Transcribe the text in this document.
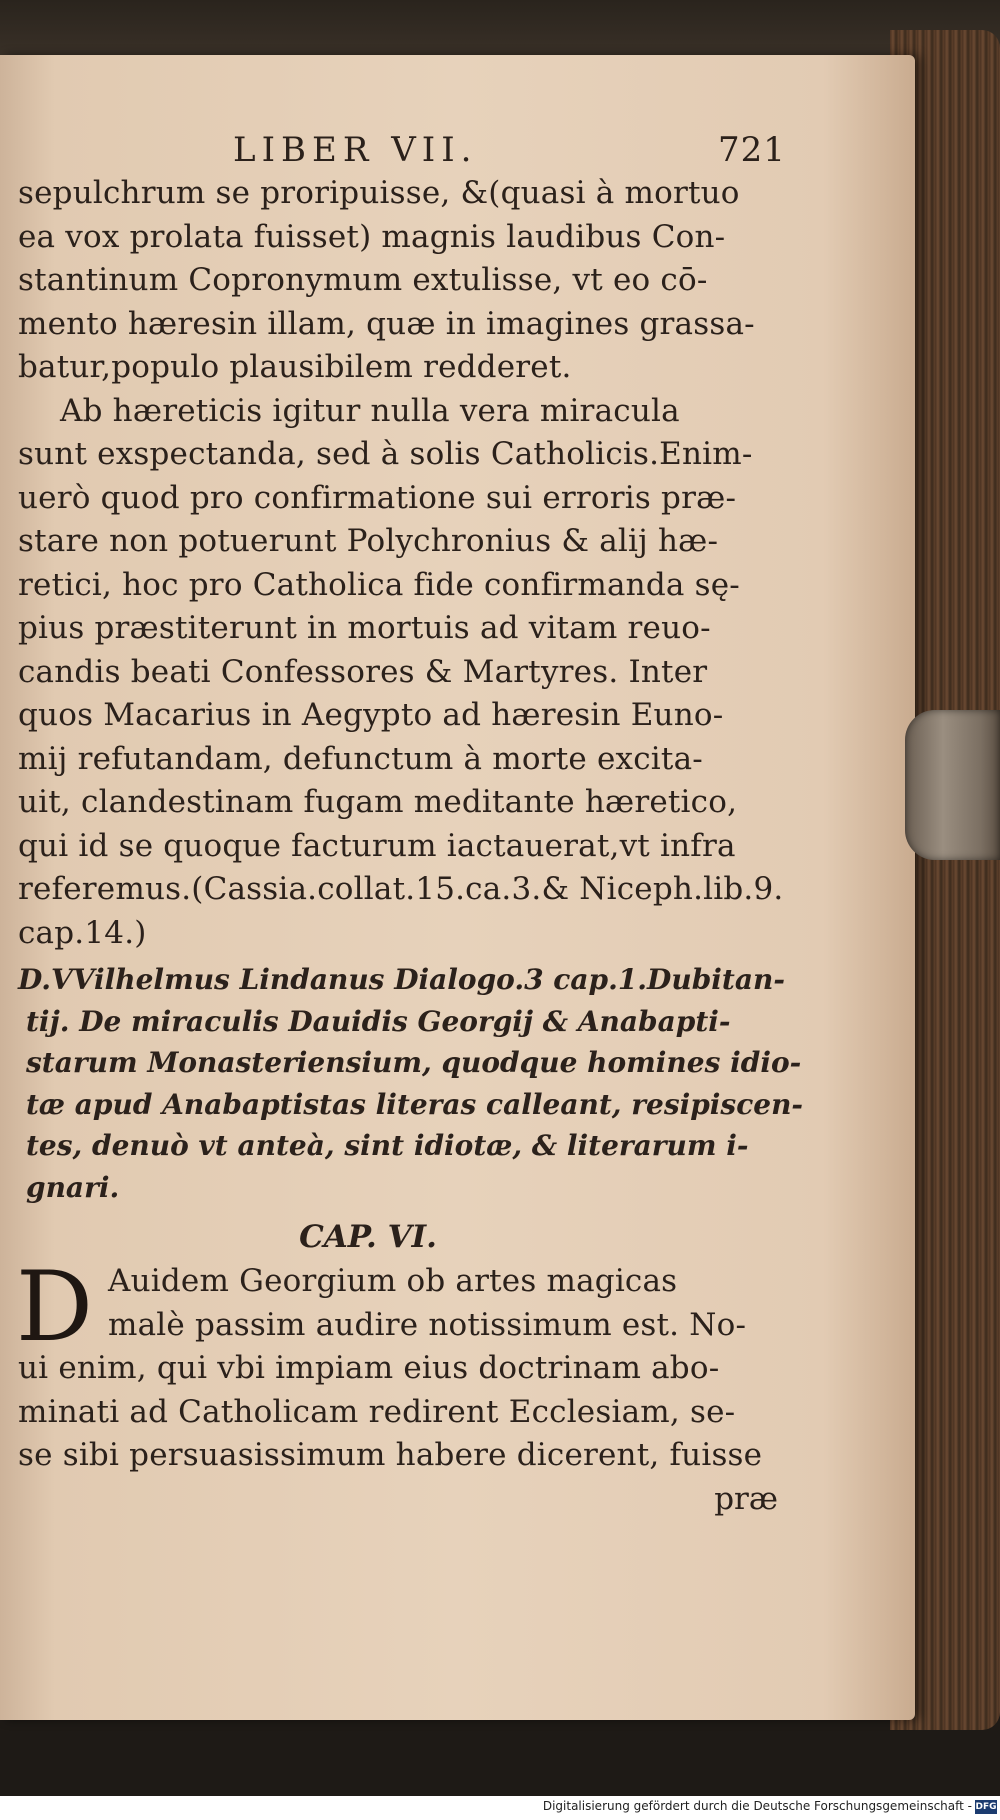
LIBER VII.	721
sepulchrum se proripuisse, &(quasi à mortuo
ea vox prolata fuisset) magnis laudibus Con-
stantinum Copronymum extulisse, vt eo cō-
mento hæresin illam, quæ in imagines grassa-
batur,populo plausibilem redderet.
Ab hæreticis igitur nulla vera miracula
sunt exspectanda, sed à solis Catholicis.Enim-
uerò quod pro confirmatione sui erroris præ-
stare non potuerunt Polychronius & alij hæ-
retici, hoc pro Catholica fide confirmanda sę-
pius præstiterunt in mortuis ad vitam reuo-
candis beati Confessores & Martyres. Inter
quos Macarius in Aegypto ad hæresin Euno-
mij refutandam, defunctum à morte excita-
uit, clandestinam fugam meditante hæretico,
qui id se quoque facturum iactauerat,vt infra
referemus.(Cassia.collat.15.ca.3.& Niceph.lib.9.
cap.14.)
D.VVilhelmus Lindanus Dialogo.3 cap.1.Dubitan-
tij. De miraculis Dauidis Georgij & Anabapti-
starum Monasteriensium, quodque homines idio-
tæ apud Anabaptistas literas calleant, resipiscen-
tes, denuò vt anteà, sint idiotæ, & literarum i-
gnari.
CAP. VI.
D Auidem Georgium ob artes magicas
malè passim audire notissimum est. No-
ui enim, qui vbi impiam eius doctrinam abo-
minati ad Catholicam redirent Ecclesiam, se-
se sibi persuasissimum habere dicerent, fuisse
præ
Digitalisierung gefördert durch die Deutsche Forschungsgemeinschaft - DFG
